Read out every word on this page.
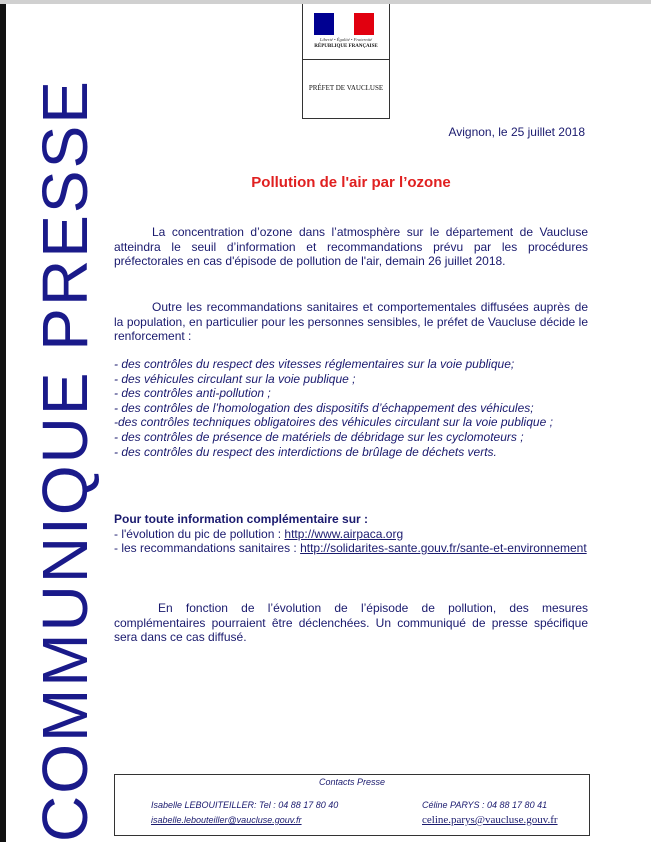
COMMUNIQUE PRESSE
Liberté • Égalité • Fraternité
RÉPUBLIQUE FRANÇAISE
PRÉFET DE VAUCLUSE
Avignon, le 25 juillet 2018
Pollution de l'air par l’ozone

La concentration d’ozone dans l’atmosphère sur le département de Vaucluse atteindra le seuil d’information et recommandations prévu par les procédures préfectorales en cas d'épisode de pollution de l'air, demain 26 juillet 2018.

Outre les recommandations sanitaires et comportementales diffusées auprès de la population, en particulier pour les personnes sensibles, le préfet de Vaucluse décide le renforcement :

- des contrôles du respect des vitesses réglementaires sur la voie publique;
- des véhicules circulant sur la voie publique ;
- des contrôles anti-pollution ;
- des contrôles de l’homologation des dispositifs d’échappement des véhicules;
-des contrôles techniques obligatoires des véhicules circulant sur la voie publique ;
- des contrôles de présence de matériels de débridage sur les cyclomoteurs ;
- des contrôles du respect des interdictions de brûlage de déchets verts.
Pour toute information complémentaire sur :
- l'évolution du pic de pollution : http://www.airpaca.org
- les recommandations sanitaires : http://solidarites-sante.gouv.fr/sante-et-environnement

En fonction de l’évolution de l’épisode de pollution, des mesures complémentaires pourraient être déclenchées. Un communiqué de presse spécifique sera dans ce cas diffusé.

Contacts Presse
Isabelle LEBOUITEILLER: Tel : 04 88 17 80 40	Céline PARYS : 04 88 17 80 41
isabelle.lebouteiller@vaucluse.gouv.fr	celine.parys@vaucluse.gouv.fr
